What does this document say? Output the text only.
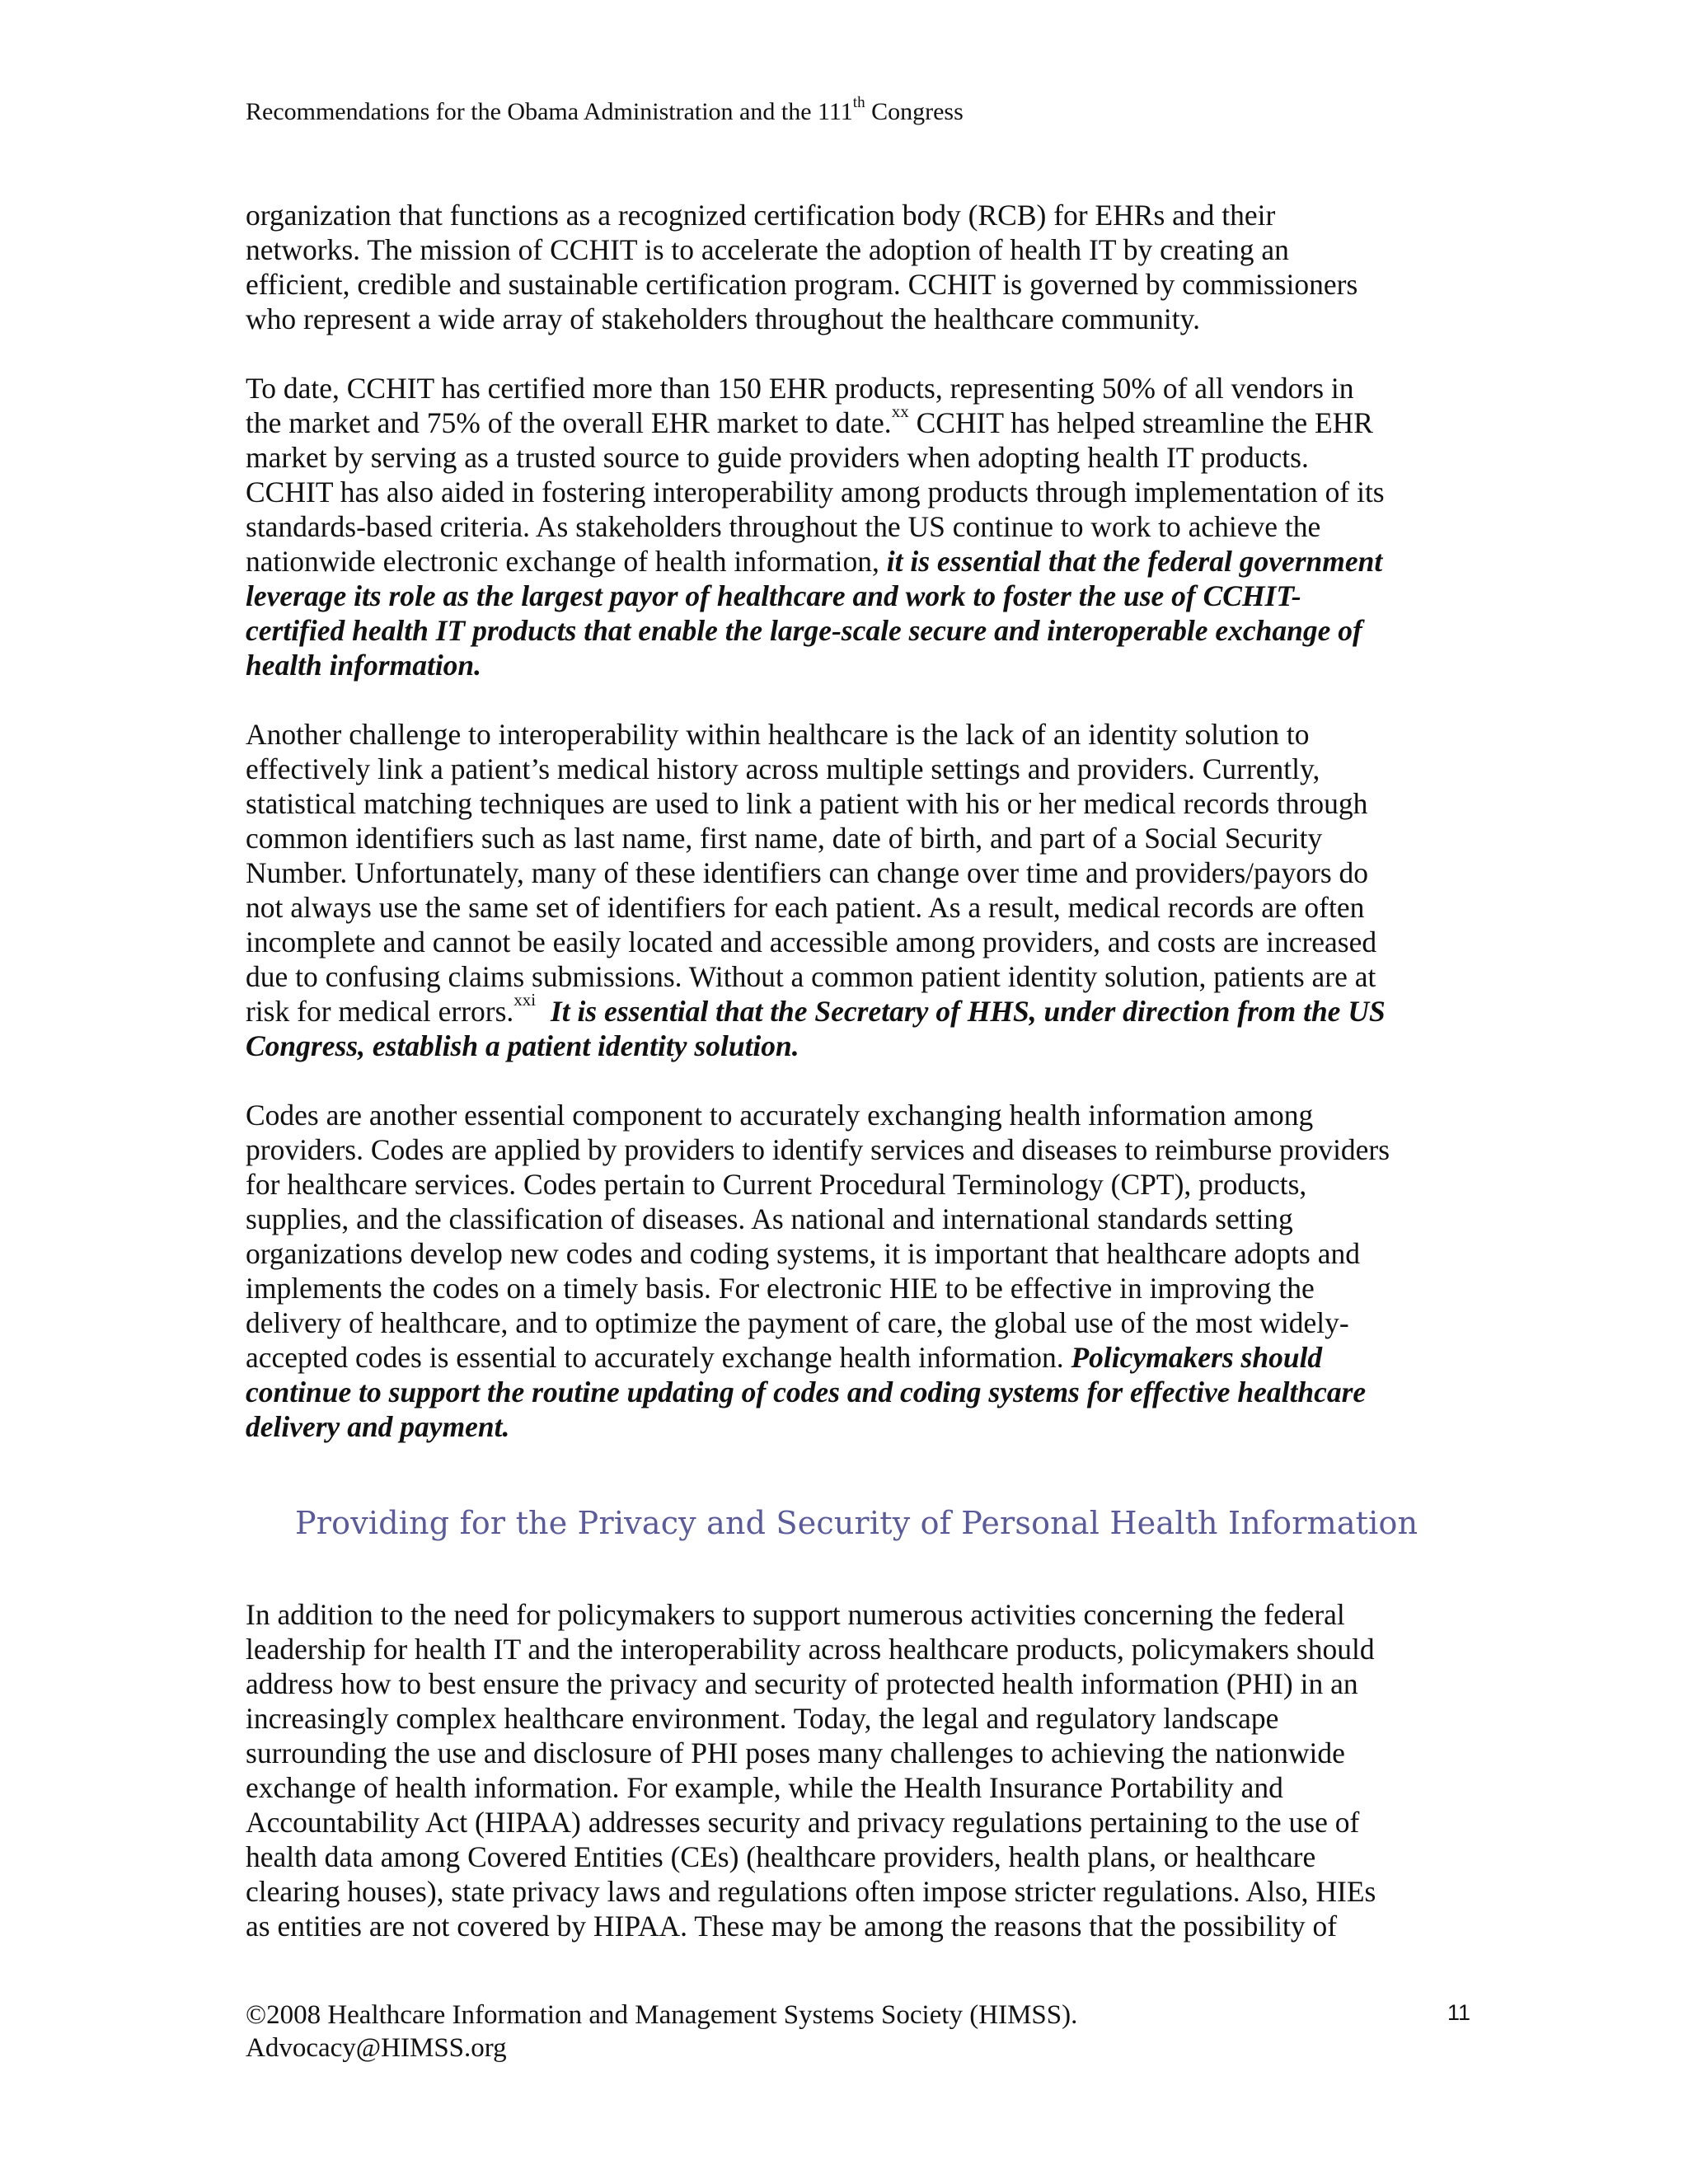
Recommendations for the Obama Administration and the 111th Congress
organization that functions as a recognized certification body (RCB) for EHRs and their
networks. The mission of CCHIT is to accelerate the adoption of health IT by creating an
efficient, credible and sustainable certification program. CCHIT is governed by commissioners
who represent a wide array of stakeholders throughout the healthcare community.
To date, CCHIT has certified more than 150 EHR products, representing 50% of all vendors in
the market and 75% of the overall EHR market to date.$^{xx}$ CCHIT has helped streamline the EHR
market by serving as a trusted source to guide providers when adopting health IT products.
CCHIT has also aided in fostering interoperability among products through implementation of its
standards-based criteria. As stakeholders throughout the US continue to work to achieve the
nationwide electronic exchange of health information, it is essential that the federal government
leverage its role as the largest payor of healthcare and work to foster the use of CCHIT-
certified health IT products that enable the large-scale secure and interoperable exchange of
health information.
Another challenge to interoperability within healthcare is the lack of an identity solution to
effectively link a patient’s medical history across multiple settings and providers. Currently,
statistical matching techniques are used to link a patient with his or her medical records through
common identifiers such as last name, first name, date of birth, and part of a Social Security
Number. Unfortunately, many of these identifiers can change over time and providers/payors do
not always use the same set of identifiers for each patient. As a result, medical records are often
incomplete and cannot be easily located and accessible among providers, and costs are increased
due to confusing claims submissions. Without a common patient identity solution, patients are at
risk for medical errors.$^{xxi}$  It is essential that the Secretary of HHS, under direction from the US
Congress, establish a patient identity solution.
Codes are another essential component to accurately exchanging health information among
providers. Codes are applied by providers to identify services and diseases to reimburse providers
for healthcare services. Codes pertain to Current Procedural Terminology (CPT), products,
supplies, and the classification of diseases. As national and international standards setting
organizations develop new codes and coding systems, it is important that healthcare adopts and
implements the codes on a timely basis. For electronic HIE to be effective in improving the
delivery of healthcare, and to optimize the payment of care, the global use of the most widely-
accepted codes is essential to accurately exchange health information. Policymakers should
continue to support the routine updating of codes and coding systems for effective healthcare
delivery and payment.
In addition to the need for policymakers to support numerous activities concerning the federal
leadership for health IT and the interoperability across healthcare products, policymakers should
address how to best ensure the privacy and security of protected health information (PHI) in an
increasingly complex healthcare environment. Today, the legal and regulatory landscape
surrounding the use and disclosure of PHI poses many challenges to achieving the nationwide
exchange of health information. For example, while the Health Insurance Portability and
Accountability Act (HIPAA) addresses security and privacy regulations pertaining to the use of
health data among Covered Entities (CEs) (healthcare providers, health plans, or healthcare
clearing houses), state privacy laws and regulations often impose stricter regulations. Also, HIEs
as entities are not covered by HIPAA. These may be among the reasons that the possibility of
Providing for the Privacy and Security of Personal Health Information
©2008 Healthcare Information and Management Systems Society (HIMSS).
Advocacy@HIMSS.org
11
